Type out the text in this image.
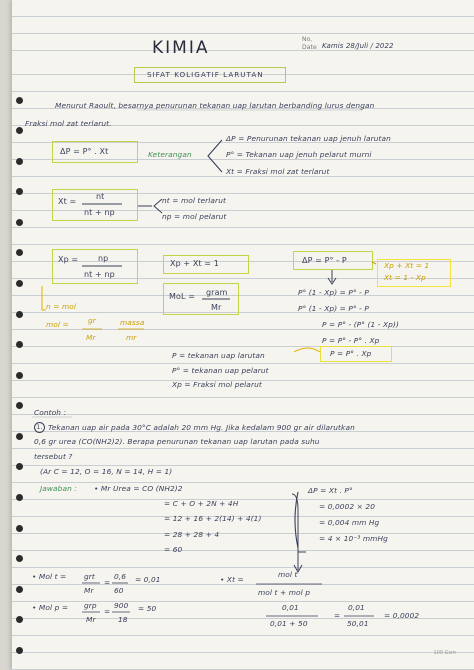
KIMIA	No.
Date Kamis 28/Juli / 2022
SIFAT KOLIGATIF LARUTAN
Menurut Raoult, besarnya penurunan tekanan uap larutan berbanding lurus dengan
Fraksi mol zat terlarut.
ΔP = P° . Xt	Keterangan
ΔP = Penurunan tekanan uap jenuh larutan
P° = Tekanan uap jenuh pelarut murni
Xt = Fraksi mol zat terlarut
Xt =
nt
nt + np
nt = mol terlarut
np = mol pelarut
Xp = np
nt + np
Xp + Xt = 1	ΔP = P° - P
Xp + Xt = 1
Xt = 1 - Xp
n = mol
mol =	gr
Mr
massa
mr
MoL = gram
Mr
P° (1 - Xp) = P° - P
P° (1 - Xp) = P° - P
P = P° - (P° (1 - Xp))
P = P° - P° . Xp
P = P° . Xp
P = tekanan uap larutan
P° = tekanan uap pelarut
Xp = Fraksi mol pelarut
Contoh :
1. Tekanan uap air pada 30°C adalah 20 mm Hg. Jika kedalam 900 gr air dilarutkan
0,6 gr urea (CO(NH2)2). Berapa penurunan tekanan uap larutan pada suhu
tersebut ?
(Ar C = 12, O = 16, N = 14, H = 1)
Jawaban : • Mr Urea = CO (NH2)2
= C + O + 2N + 4H
= 12 + 16 + 2(14) + 4(1)
= 28 + 28 + 4
= 60
ΔP = Xt . P°
= 0,0002 × 20
= 0,004 mm Hg
= 4 × 10⁻³ mmHg
• Mol t = grt
Mr
=
0,6
60
= 0,01	• Xt =
mol t
mol t + mol p
• Mol p = grp
Mr
=
900
18
= 50	0,01
0,01 + 50
=
0,01
50,01
= 0,0002
100 Gsm
